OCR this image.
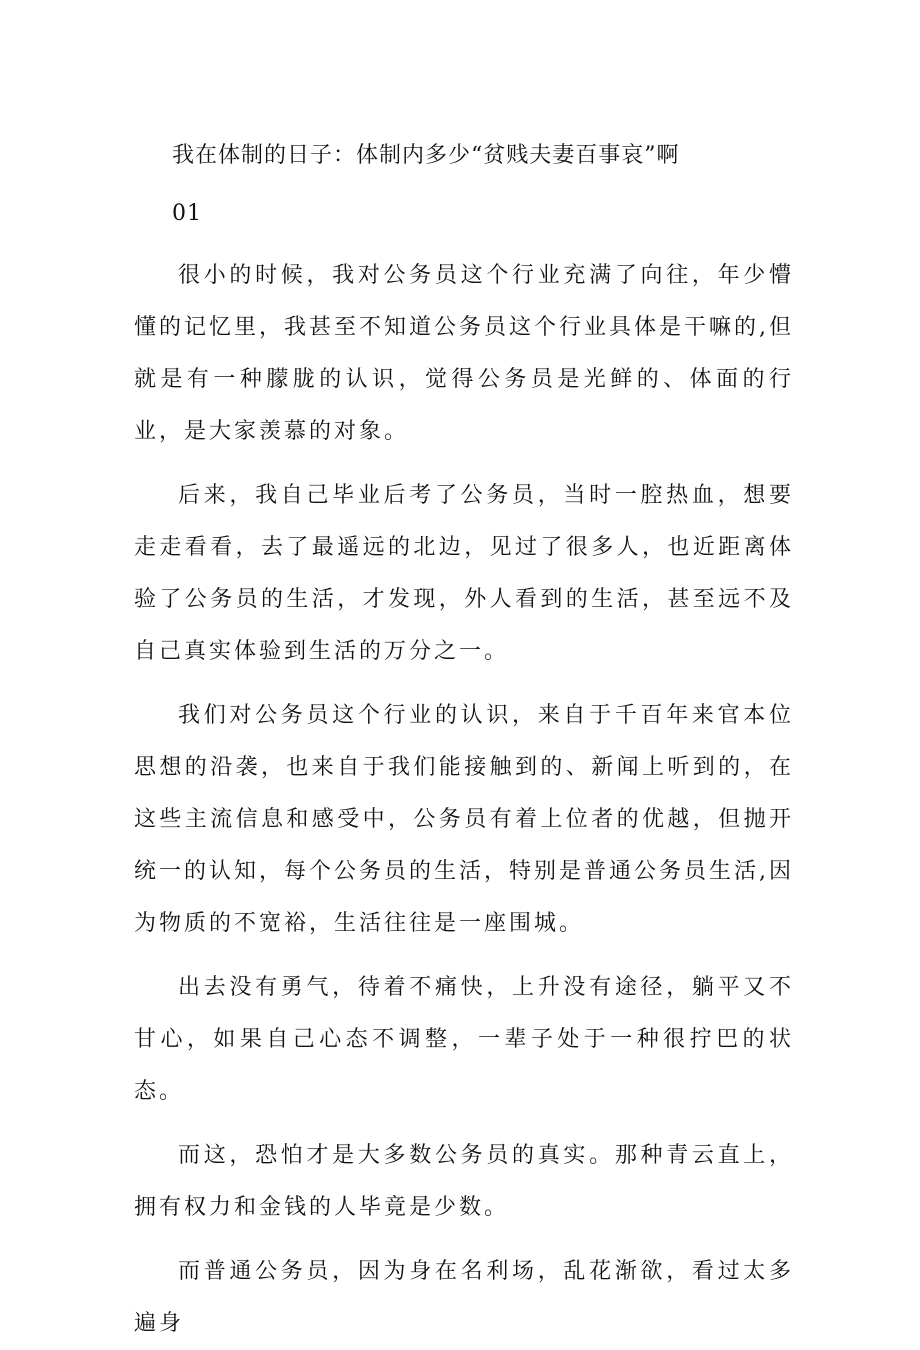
我在体制的日子：体制内多少“贫贱夫妻百事哀”啊
01

很小的时候，我对公务员这个行业充满了向往，年少懵懂的记忆里，我甚至不知道公务员这个行业具体是干嘛的,但就是有一种朦胧的认识，觉得公务员是光鲜的、体面的行业，是大家羡慕的对象。

后来，我自己毕业后考了公务员，当时一腔热血，想要走走看看，去了最遥远的北边，见过了很多人，也近距离体验了公务员的生活，才发现，外人看到的生活，甚至远不及自己真实体验到生活的万分之一。

我们对公务员这个行业的认识，来自于千百年来官本位思想的沿袭，也来自于我们能接触到的、新闻上听到的，在这些主流信息和感受中，公务员有着上位者的优越，但抛开统一的认知，每个公务员的生活，特别是普通公务员生活,因为物质的不宽裕，生活往往是一座围城。

出去没有勇气，待着不痛快，上升没有途径，躺平又不甘心，如果自己心态不调整，一辈子处于一种很拧巴的状态。

而这，恐怕才是大多数公务员的真实。那种青云直上，拥有权力和金钱的人毕竟是少数。

而普通公务员，因为身在名利场，乱花渐欲，看过太多遍身
